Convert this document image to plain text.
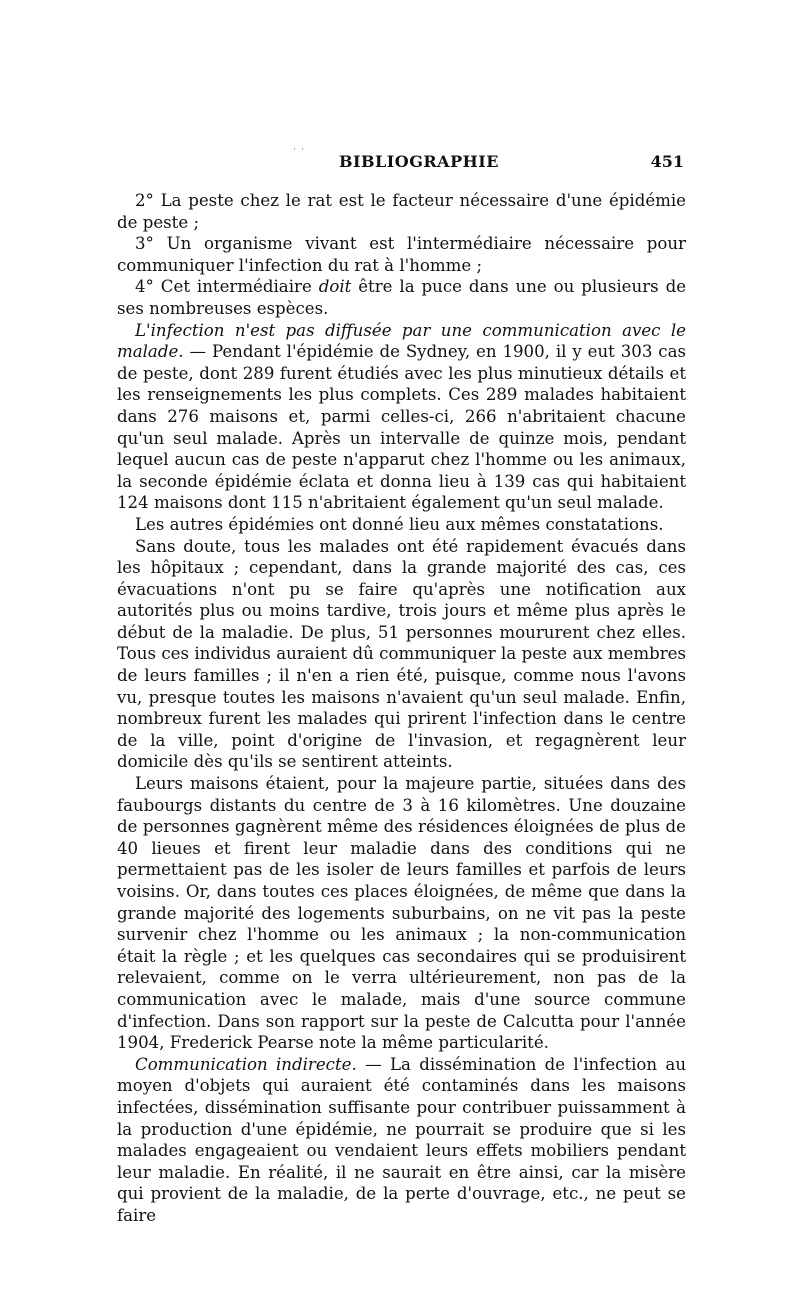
˙ ˙ BIBLIOGRAPHIE	451

2° La peste chez le rat est le facteur nécessaire d'une épidémie de peste ;

3° Un organisme vivant est l'intermédiaire nécessaire pour communiquer l'infection du rat à l'homme ;

4° Cet intermédiaire doit être la puce dans une ou plusieurs de ses nombreuses espèces.

L'infection n'est pas diffusée par une communication avec le malade. — Pendant l'épidémie de Sydney, en 1900, il y eut 303 cas de peste, dont 289 furent étudiés avec les plus minutieux détails et les renseignements les plus complets. Ces 289 malades habitaient dans 276 maisons et, parmi celles-ci, 266 n'abritaient chacune qu'un seul malade. Après un intervalle de quinze mois, pendant lequel aucun cas de peste n'apparut chez l'homme ou les animaux, la seconde épidémie éclata et donna lieu à 139 cas qui habitaient 124 maisons dont 115 n'abritaient également qu'un seul malade.

Les autres épidémies ont donné lieu aux mêmes constatations.

Sans doute, tous les malades ont été rapidement évacués dans les hôpitaux ; cependant, dans la grande majorité des cas, ces évacuations n'ont pu se faire qu'après une notification aux autorités plus ou moins tardive, trois jours et même plus après le début de la maladie. De plus, 51 personnes moururent chez elles. Tous ces individus auraient dû communiquer la peste aux membres de leurs familles ; il n'en a rien été, puisque, comme nous l'avons vu, presque toutes les maisons n'avaient qu'un seul malade. Enfin, nombreux furent les malades qui prirent l'infection dans le centre de la ville, point d'origine de l'invasion, et regagnèrent leur domicile dès qu'ils se sentirent atteints.

Leurs maisons étaient, pour la majeure partie, situées dans des faubourgs distants du centre de 3 à 16 kilomètres. Une douzaine de personnes gagnèrent même des résidences éloignées de plus de 40 lieues et firent leur maladie dans des conditions qui ne permettaient pas de les isoler de leurs familles et parfois de leurs voisins. Or, dans toutes ces places éloignées, de même que dans la grande majorité des logements suburbains, on ne vit pas la peste survenir chez l'homme ou les animaux ; la non-communication était la règle ; et les quelques cas secondaires qui se produisirent relevaient, comme on le verra ultérieurement, non pas de la communication avec le malade, mais d'une source commune d'infection. Dans son rapport sur la peste de Calcutta pour l'année 1904, Frederick Pearse note la même particularité.

Communication indirecte. — La dissémination de l'infection au moyen d'objets qui auraient été contaminés dans les maisons infectées, dissémination suffisante pour contribuer puissamment à la production d'une épidémie, ne pourrait se produire que si les malades engageaient ou vendaient leurs effets mobiliers pendant leur maladie. En réalité, il ne saurait en être ainsi, car la misère qui provient de la maladie, de la perte d'ouvrage, etc., ne peut se faire
